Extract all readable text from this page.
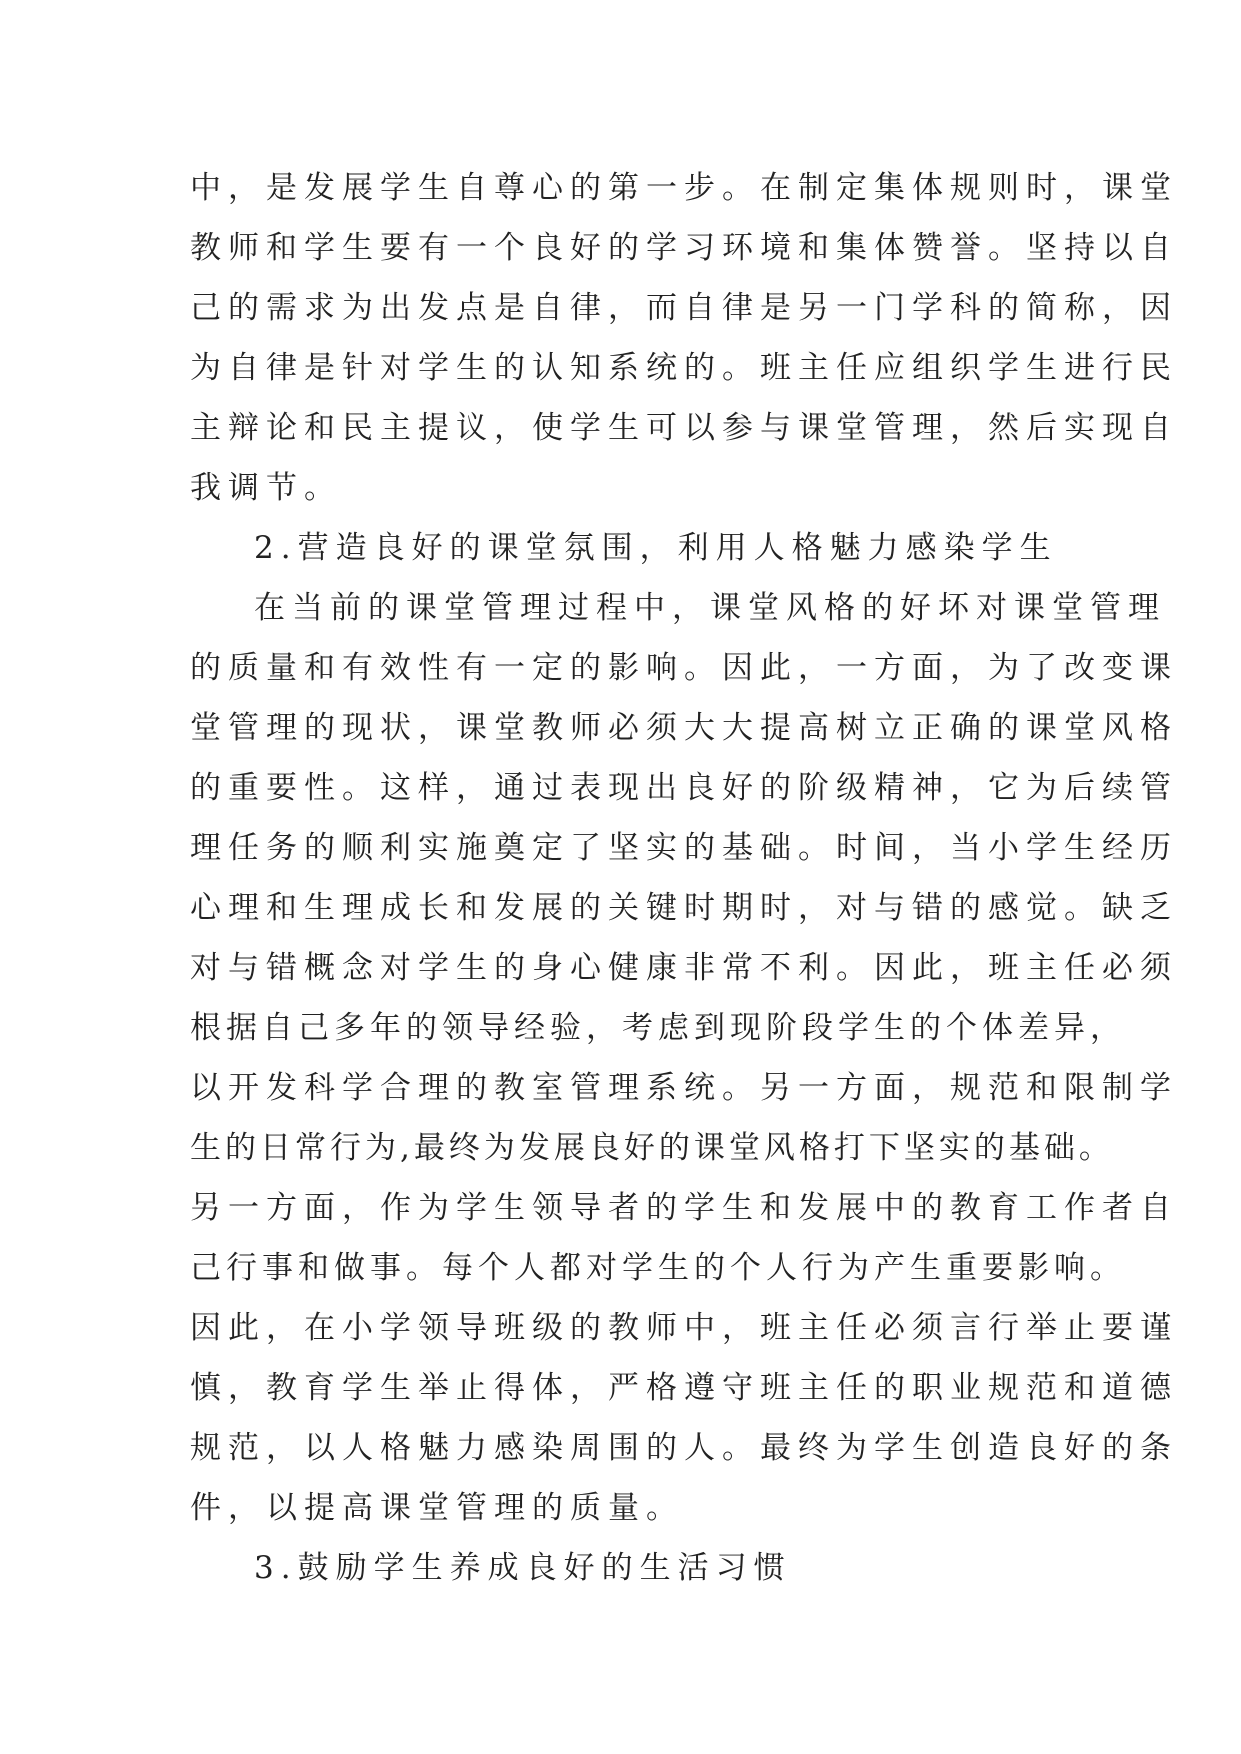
中，是发展学生自尊心的第一步。在制定集体规则时，课堂
教师和学生要有一个良好的学习环境和集体赞誉。坚持以自
己的需求为出发点是自律，而自律是另一门学科的简称，因
为自律是针对学生的认知系统的。班主任应组织学生进行民
主辩论和民主提议，使学生可以参与课堂管理，然后实现自
我调节。
2.营造良好的课堂氛围，利用人格魅力感染学生
在当前的课堂管理过程中，课堂风格的好坏对课堂管理
的质量和有效性有一定的影响。因此，一方面，为了改变课
堂管理的现状，课堂教师必须大大提高树立正确的课堂风格
的重要性。这样，通过表现出良好的阶级精神，它为后续管
理任务的顺利实施奠定了坚实的基础。时间，当小学生经历
心理和生理成长和发展的关键时期时，对与错的感觉。缺乏
对与错概念对学生的身心健康非常不利。因此，班主任必须
根据自己多年的领导经验，考虑到现阶段学生的个体差异，
以开发科学合理的教室管理系统。另一方面，规范和限制学
生的日常行为,最终为发展良好的课堂风格打下坚实的基础。
另一方面，作为学生领导者的学生和发展中的教育工作者自
己行事和做事。每个人都对学生的个人行为产生重要影响。
因此，在小学领导班级的教师中，班主任必须言行举止要谨
慎，教育学生举止得体，严格遵守班主任的职业规范和道德
规范，以人格魅力感染周围的人。最终为学生创造良好的条
件，以提高课堂管理的质量。
3.鼓励学生养成良好的生活习惯
